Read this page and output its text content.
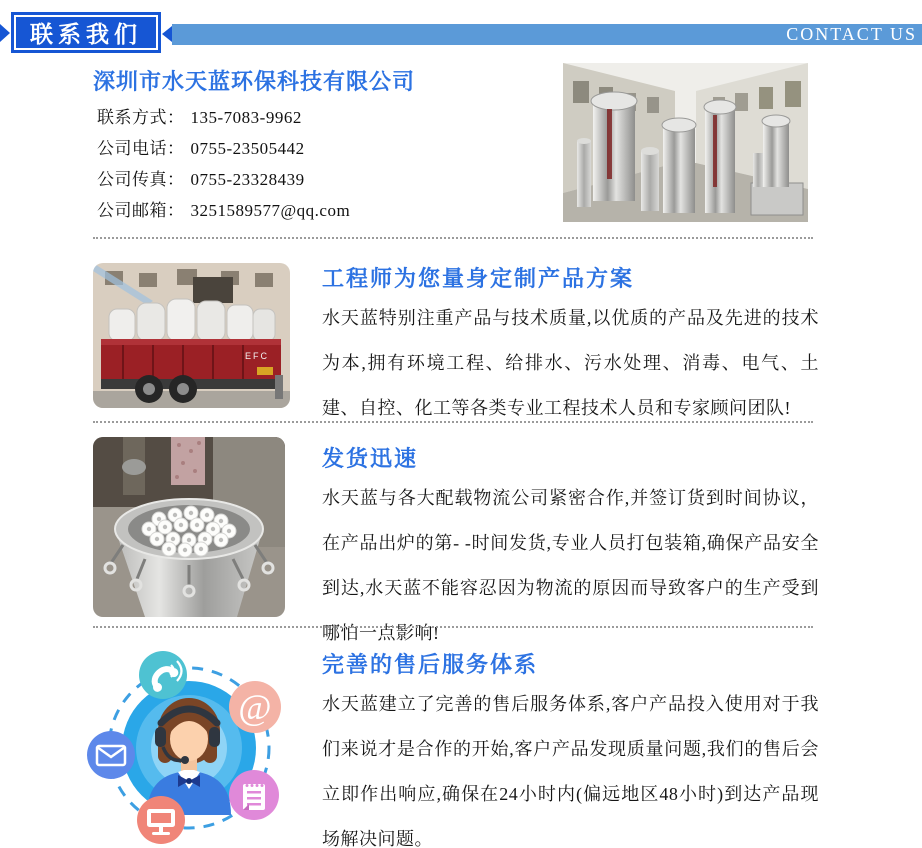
联系我们	CONTACT US
深圳市水天蓝环保科技有限公司
联系方式： 135-7083-9962
公司电话： 0755-23505442
公司传真： 0755-23328439
公司邮箱： 3251589577@qq.com
EFC
工程师为您量身定制产品方案
水天蓝特别注重产品与技术质量,以优质的产品及先进的技术为本,拥有环境工程、给排水、污水处理、消毒、电气、土建、自控、化工等各类专业工程技术人员和专家顾问团队!
发货迅速
水天蓝与各大配载物流公司紧密合作,并签订货到时间协议， 在产品出炉的第- -时间发货,专业人员打包装箱,确保产品安全到达,水天蓝不能容忍因为物流的原因而导致客户的生产受到哪怕一点影响!
@
完善的售后服务体系
水天蓝建立了完善的售后服务体系,客户产品投入使用对于我们来说才是合作的开始,客户产品发现质量问题,我们的售后会立即作出响应,确保在24小时内(偏远地区48小时)到达产品现场解决问题。
